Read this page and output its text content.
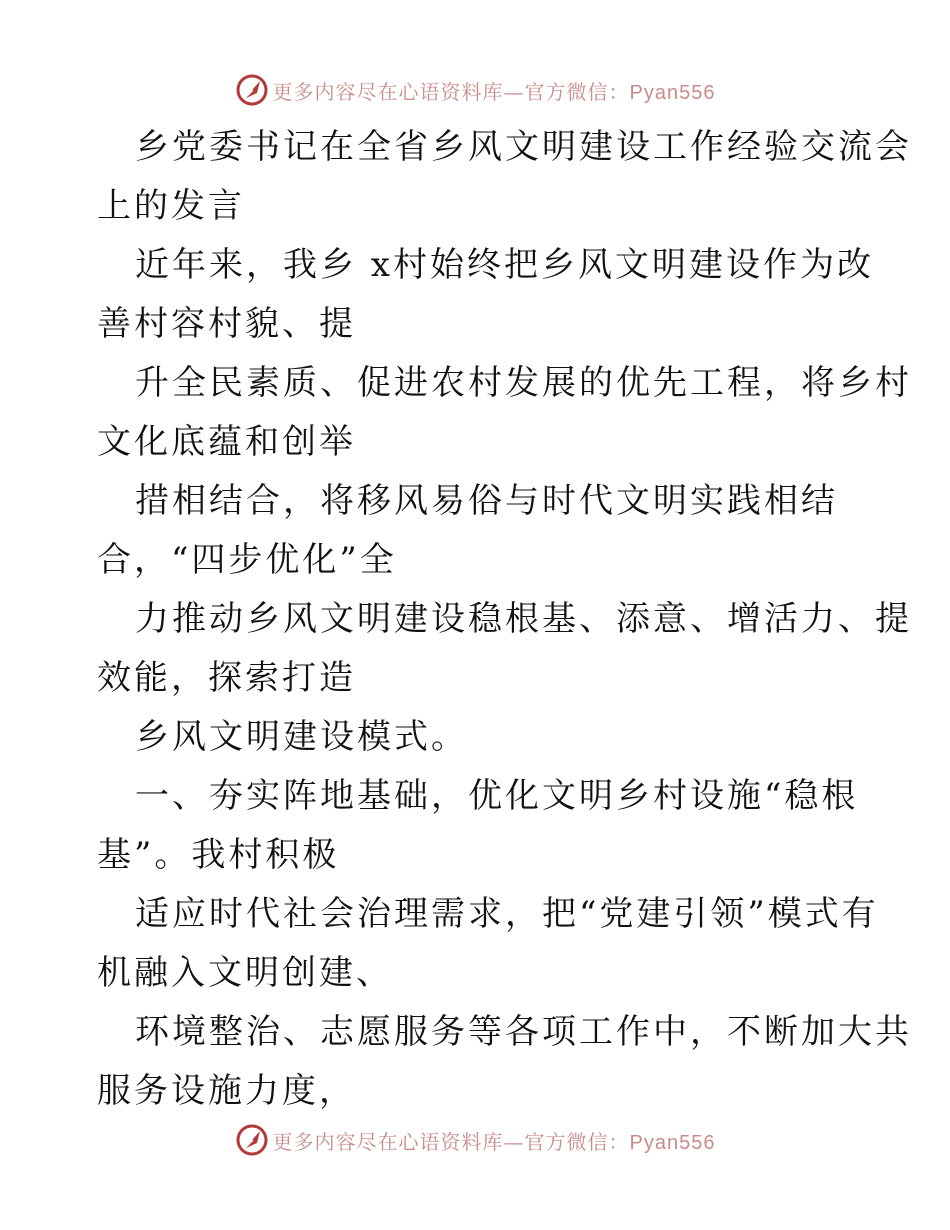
更多内容尽在心语资料库—官方微信：Pyan556
乡党委书记在全省乡风文明建设工作经验交流会
上的发言
近年来，我乡 x村始终把乡风文明建设作为改
善村容村貌、提
升全民素质、促进农村发展的优先工程，将乡村
文化底蕴和创举
措相结合，将移风易俗与时代文明实践相结
合，“四步优化”全
力推动乡风文明建设稳根基、添意、增活力、提
效能，探索打造
乡风文明建设模式。
一、夯实阵地基础，优化文明乡村设施“稳根
基”。我村积极
适应时代社会治理需求，把“党建引领”模式有
机融入文明创建、
环境整治、志愿服务等各项工作中，不断加大共
服务设施力度，
更多内容尽在心语资料库—官方微信：Pyan556
